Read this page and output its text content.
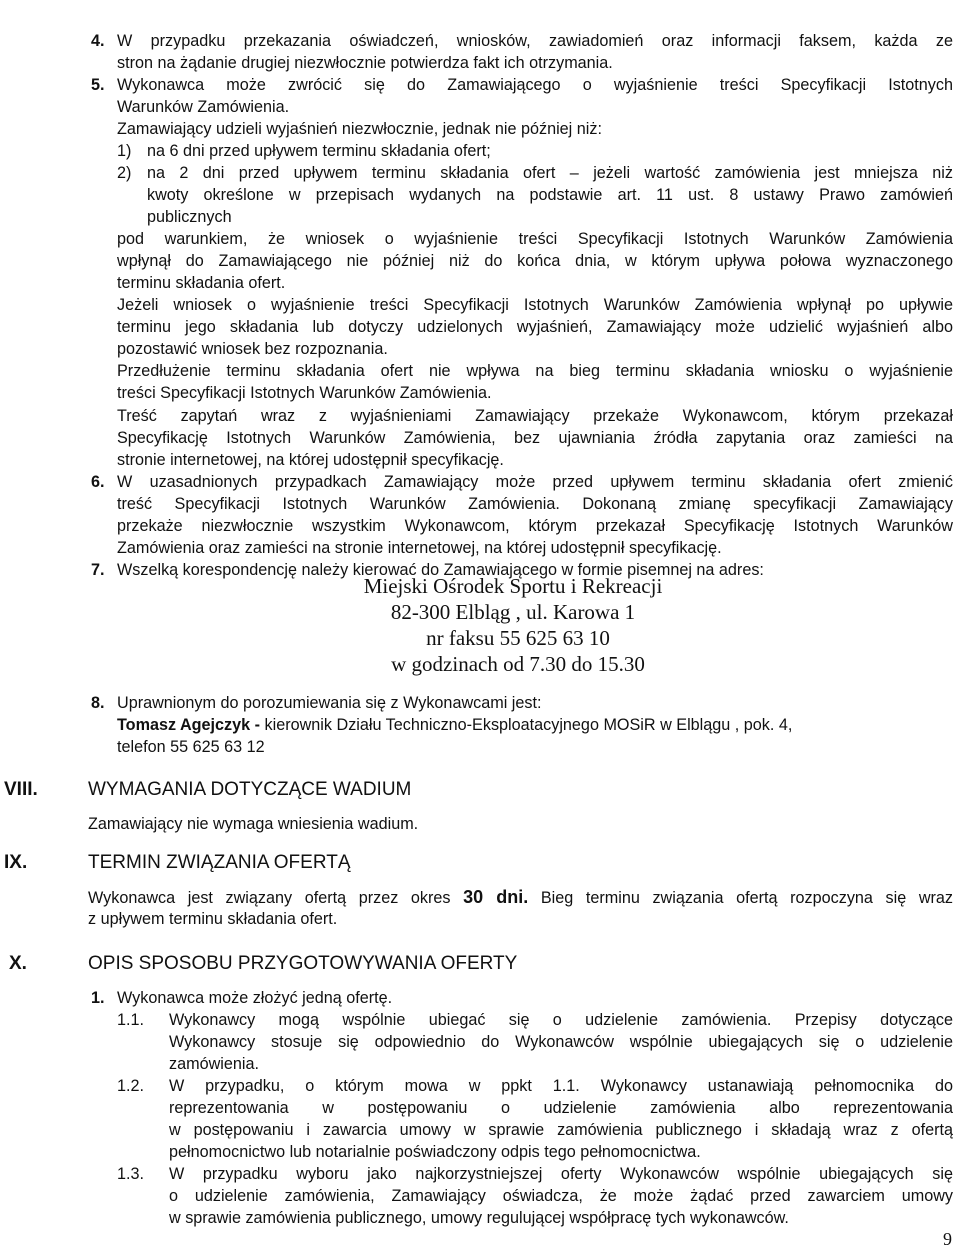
4. W przypadku przekazania oświadczeń, wniosków, zawiadomień oraz informacji faksem, każda ze
stron na żądanie drugiej niezwłocznie potwierdza fakt ich otrzymania.
5. Wykonawca może zwrócić się do Zamawiającego o wyjaśnienie treści Specyfikacji Istotnych
Warunków Zamówienia.
Zamawiający udzieli wyjaśnień niezwłocznie, jednak nie później niż:
1) na 6 dni przed upływem terminu składania ofert;
2) na 2 dni przed upływem terminu składania ofert – jeżeli wartość zamówienia jest mniejsza niż
kwoty określone w przepisach wydanych na podstawie art. 11 ust. 8 ustawy Prawo zamówień
publicznych
pod warunkiem, że wniosek o wyjaśnienie treści Specyfikacji Istotnych Warunków Zamówienia
wpłynął do Zamawiającego nie później niż do końca dnia, w którym upływa połowa wyznaczonego
terminu składania ofert.
Jeżeli wniosek o wyjaśnienie treści Specyfikacji Istotnych Warunków Zamówienia wpłynął po upływie
terminu jego składania lub dotyczy udzielonych wyjaśnień, Zamawiający może udzielić wyjaśnień albo
pozostawić wniosek bez rozpoznania.
Przedłużenie terminu składania ofert nie wpływa na bieg terminu składania wniosku o wyjaśnienie
treści Specyfikacji Istotnych Warunków Zamówienia.
Treść zapytań wraz z wyjaśnieniami Zamawiający przekaże Wykonawcom, którym przekazał
Specyfikację Istotnych Warunków Zamówienia, bez ujawniania źródła zapytania oraz zamieści na
stronie internetowej, na której udostępnił specyfikację.
6. W uzasadnionych przypadkach Zamawiający może przed upływem terminu składania ofert zmienić
treść Specyfikacji Istotnych Warunków Zamówienia. Dokonaną zmianę specyfikacji Zamawiający
przekaże niezwłocznie wszystkim Wykonawcom, którym przekazał Specyfikację Istotnych Warunków
Zamówienia oraz zamieści na stronie internetowej, na której udostępnił specyfikację.
7. Wszelką korespondencję należy kierować do Zamawiającego w formie pisemnej na adres:
Miejski Ośrodek Sportu i Rekreacji
82-300 Elbląg , ul. Karowa 1
nr faksu 55 625 63 10
w godzinach od 7.30 do 15.30
8. Uprawnionym do porozumiewania się z Wykonawcami jest:
Tomasz Agejczyk - kierownik Działu Techniczno-Eksploatacyjnego MOSiR w Elblągu , pok. 4,
telefon 55 625 63 12
VIII.	WYMAGANIA DOTYCZĄCE WADIUM
Zamawiający nie wymaga wniesienia wadium.
IX.	TERMIN ZWIĄZANIA OFERTĄ
Wykonawca jest związany ofertą przez okres 30 dni. Bieg terminu związania ofertą rozpoczyna się wraz
z upływem terminu składania ofert.
X.	OPIS SPOSOBU PRZYGOTOWYWANIA OFERTY
1. Wykonawca może złożyć jedną ofertę.
1.1. Wykonawcy mogą wspólnie ubiegać się o udzielenie zamówienia. Przepisy dotyczące
Wykonawcy stosuje się odpowiednio do Wykonawców wspólnie ubiegających się o udzielenie
zamówienia.
1.2. W przypadku, o którym mowa w ppkt 1.1. Wykonawcy ustanawiają pełnomocnika do
reprezentowania w postępowaniu o udzielenie zamówienia albo reprezentowania
w postępowaniu i zawarcia umowy w sprawie zamówienia publicznego i składają wraz z ofertą
pełnomocnictwo lub notarialnie poświadczony odpis tego pełnomocnictwa.
1.3. W przypadku wyboru jako najkorzystniejszej oferty Wykonawców wspólnie ubiegających się
o udzielenie zamówienia, Zamawiający oświadcza, że może żądać przed zawarciem umowy
w sprawie zamówienia publicznego, umowy regulującej współpracę tych wykonawców.
9
